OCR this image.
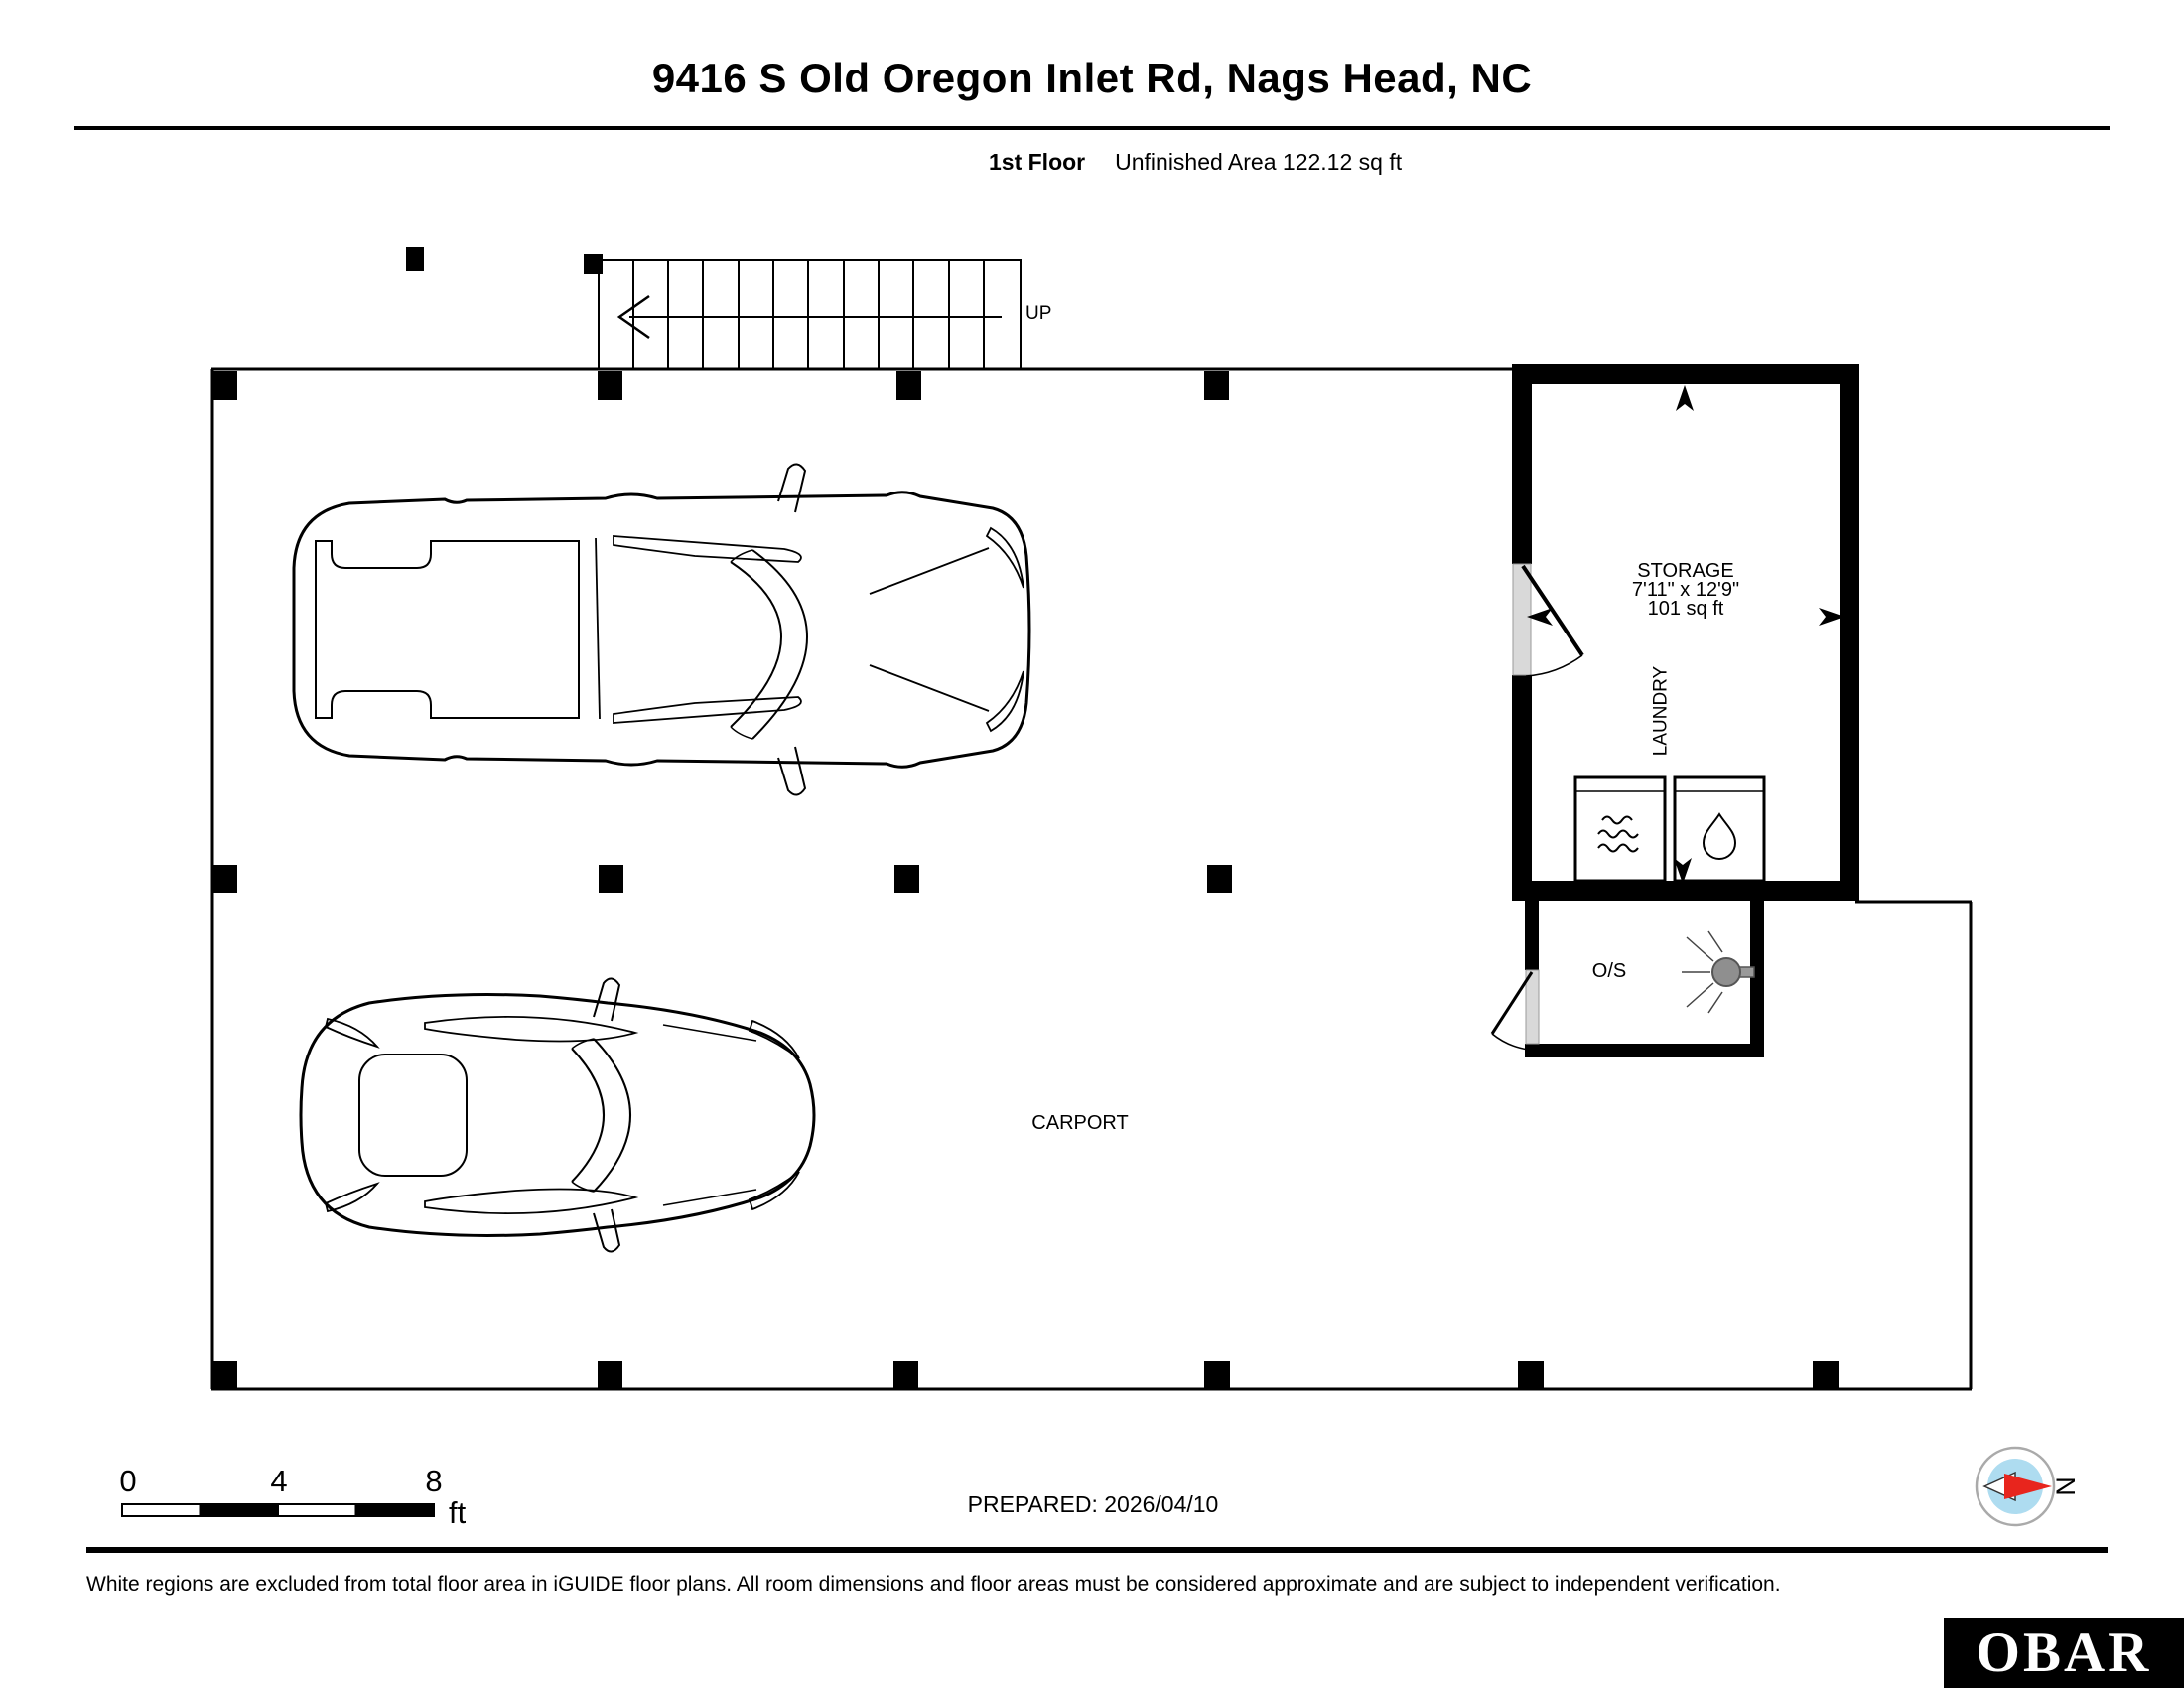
9416 S Old Oregon Inlet Rd, Nags Head, NC
1st Floor Unfinished Area 122.12 sq ft
UP
STORAGE
7'11" x 12'9"
101 sq ft
LAUNDRY
O/S
CARPORT
0	4	8
ft	PREPARED: 2026/04/10
N
White regions are excluded from total floor area in iGUIDE floor plans. All room dimensions and floor areas must be considered approximate and are subject to independent verification.
OBAR
